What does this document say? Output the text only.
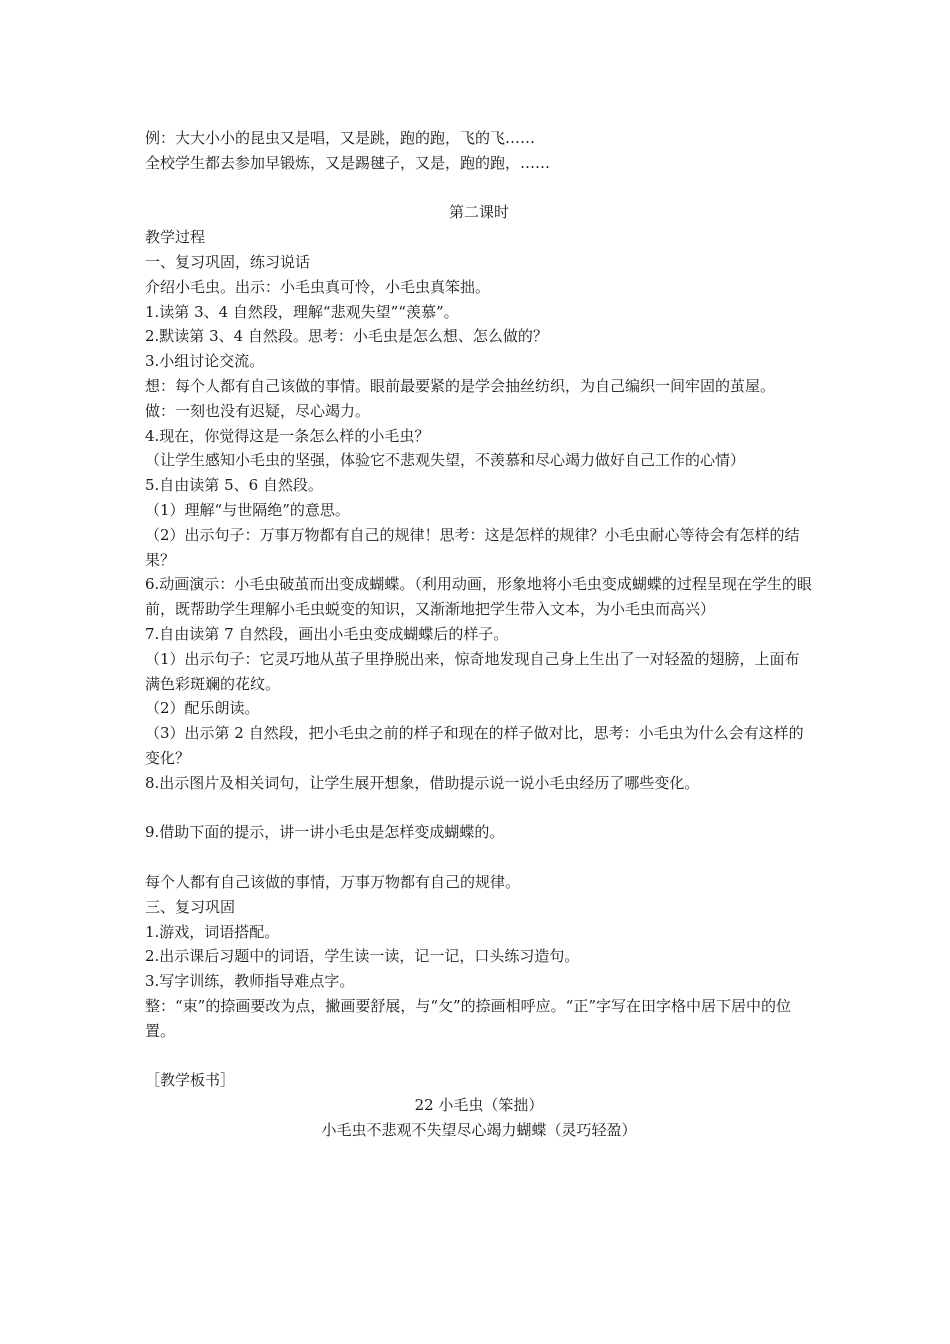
例：大大小小的昆虫又是唱，又是跳，跑的跑，飞的飞……

全校学生都去参加早锻炼，又是踢毽子，又是，跑的跑，……

第二课时

教学过程

一、复习巩固，练习说话

介绍小毛虫。出示：小毛虫真可怜，小毛虫真笨拙。

1.读第 3、4 自然段，理解“悲观失望”“羡慕”。

2.默读第 3、4 自然段。思考：小毛虫是怎么想、怎么做的？

3.小组讨论交流。

想：每个人都有自己该做的事情。眼前最要紧的是学会抽丝纺织，为自己编织一间牢固的茧屋。

做：一刻也没有迟疑，尽心竭力。

4.现在，你觉得这是一条怎么样的小毛虫？

（让学生感知小毛虫的坚强，体验它不悲观失望，不羡慕和尽心竭力做好自己工作的心情）

5.自由读第 5、6 自然段。

（1）理解“与世隔绝”的意思。

（2）出示句子：万事万物都有自己的规律！思考：这是怎样的规律？小毛虫耐心等待会有怎样的结果？

6.动画演示：小毛虫破茧而出变成蝴蝶。（利用动画，形象地将小毛虫变成蝴蝶的过程呈现在学生的眼前，既帮助学生理解小毛虫蜕变的知识，又渐渐地把学生带入文本，为小毛虫而高兴）

7.自由读第 7 自然段，画出小毛虫变成蝴蝶后的样子。

（1）出示句子：它灵巧地从茧子里挣脱出来，惊奇地发现自己身上生出了一对轻盈的翅膀，上面布满色彩斑斓的花纹。

（2）配乐朗读。

（3）出示第 2 自然段，把小毛虫之前的样子和现在的样子做对比，思考：小毛虫为什么会有这样的变化？

8.出示图片及相关词句，让学生展开想象，借助提示说一说小毛虫经历了哪些变化。

9.借助下面的提示，讲一讲小毛虫是怎样变成蝴蝶的。

每个人都有自己该做的事情，万事万物都有自己的规律。

三、复习巩固

1.游戏，词语搭配。

2.出示课后习题中的词语，学生读一读，记一记，口头练习造句。

3.写字训练，教师指导难点字。

整：“束”的捺画要改为点，撇画要舒展，与“攵”的捺画相呼应。“正”字写在田字格中居下居中的位置。

［教学板书］

22 小毛虫（笨拙）

小毛虫不悲观不失望尽心竭力蝴蝶（灵巧轻盈）
